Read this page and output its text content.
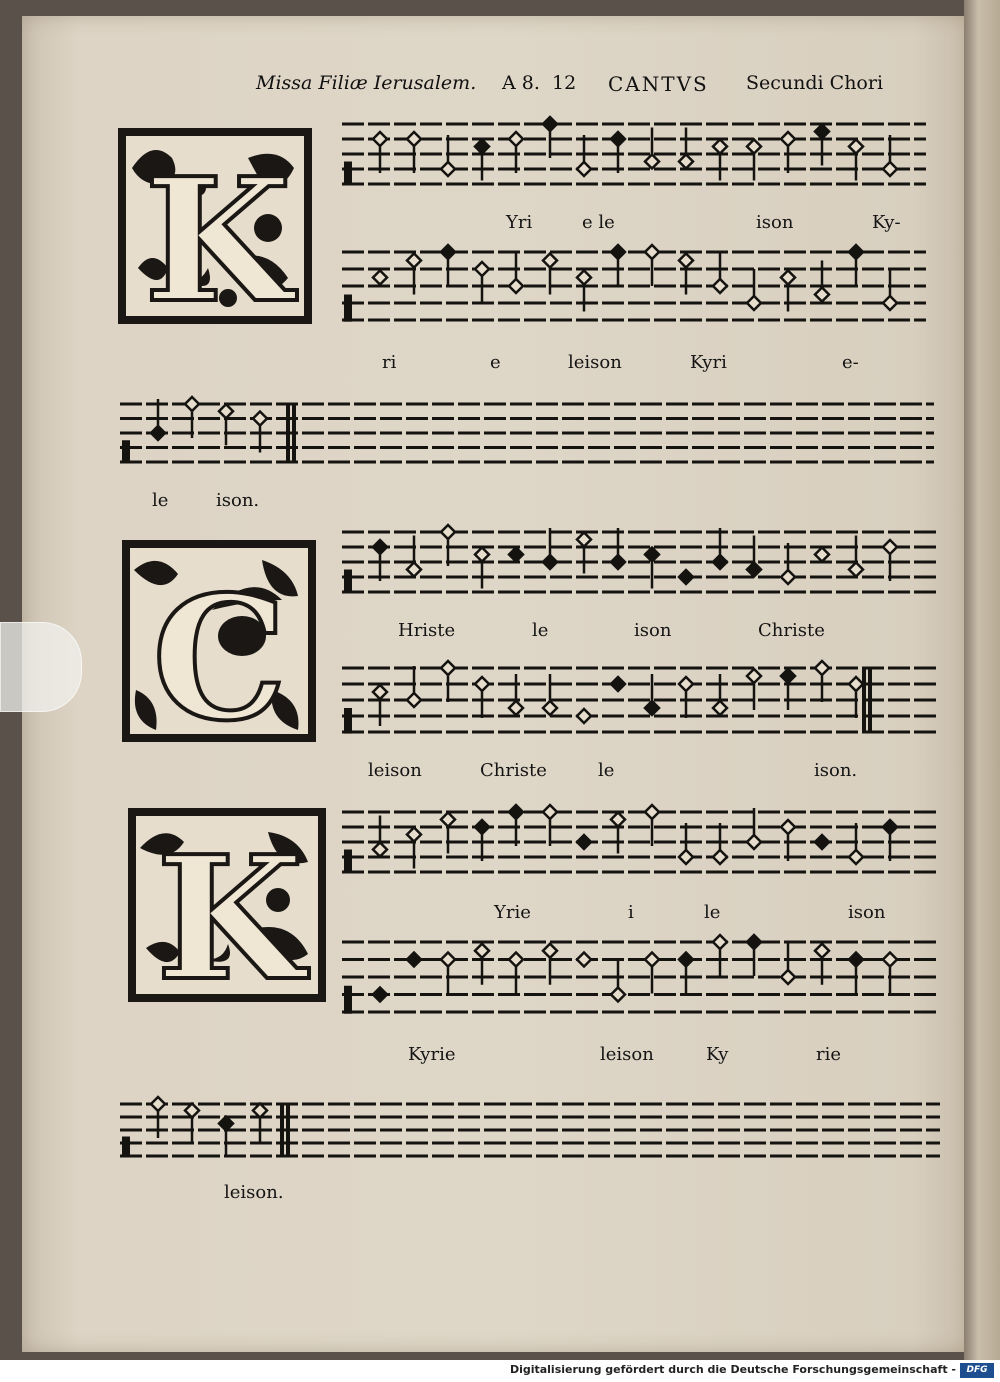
Missa Filiæ Ierusalem. A 8. 12 CANTVS Secundi Chori
K
C
K
Yri	e le	ison	Ky-
ri	e	leison	Kyri	e-
le	ison.
Hriste	le	ison	Christe
leison	Christe	le	ison.
Yrie	i	le	ison
Kyrie	leison	Ky	rie
leison.
Digitalisierung gefördert durch die Deutsche Forschungsgemeinschaft -	DFG
